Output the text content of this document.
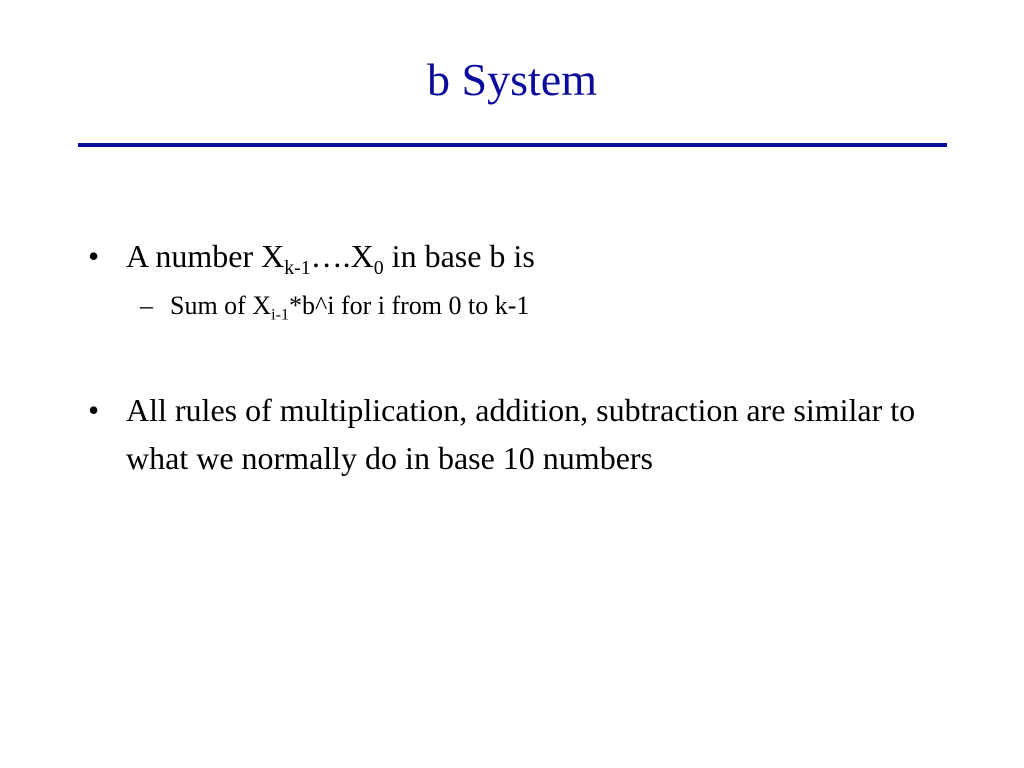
b System
• A number $X_{k-1}\dots.X_0$ in base b is
– Sum of $X_{i-1}*b\^{}i$ for i from 0 to k-1
• All rules of multiplication, addition, subtraction are similar to what we normally do in base 10 numbers
